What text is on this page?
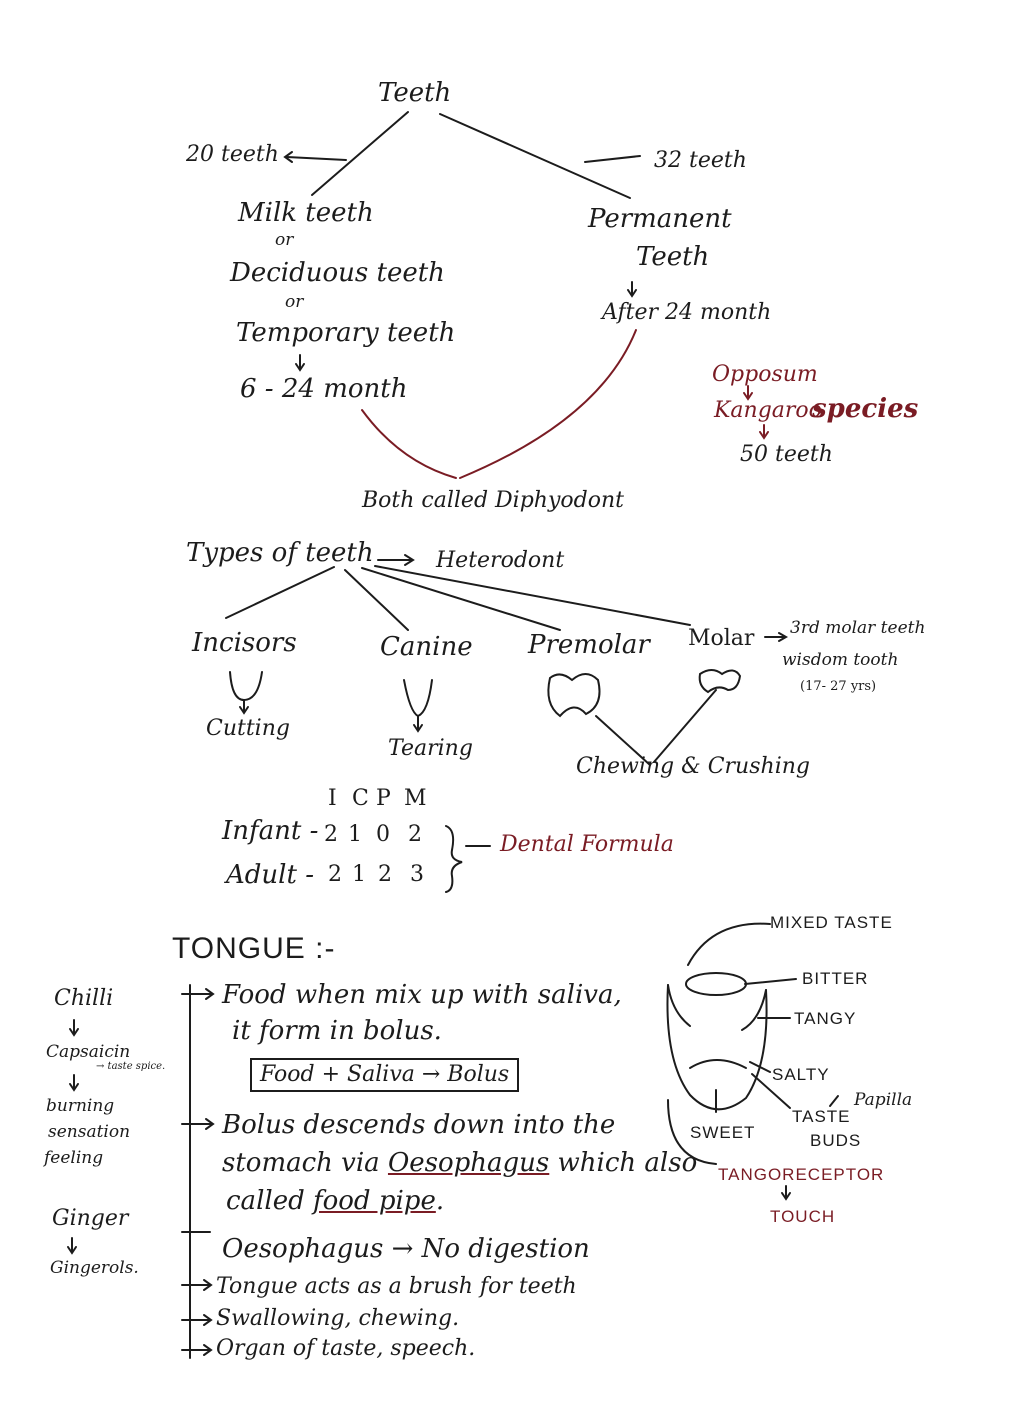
Teeth
20 teeth	32 teeth
Milk teeth
or
Deciduous teeth
or
Temporary teeth
6 - 24 month
Permanent
Teeth
After 24 month
Opposum
Kangaroo
species
50 teeth
Both called Diphyodont
Types of teeth	Heterodont
Incisors
Cutting
Canine
Tearing
Premolar Molar 3rd molar teeth
wisdom tooth
(17- 27 yrs)
Chewing & Crushing
I C P M
Infant - 2 1 0 2
Adult - 2 1 2 3
Dental Formula
TONGUE :-
Food when mix up with saliva,
it form in bolus.
Food + Saliva → Bolus
Bolus descends down into the
stomach via Oesophagus which also
called food pipe.
Oesophagus → No digestion
Tongue acts as a brush for teeth
Swallowing, chewing.
Organ of taste, speech.
Chilli
Capsaicin
→ taste spice.
burning
sensation
feeling
Ginger
Gingerols.
MIXED TASTE
BITTER
TANGY
SALTY
Papilla
TASTE
BUDS
SWEET
TANGORECEPTOR
TOUCH
